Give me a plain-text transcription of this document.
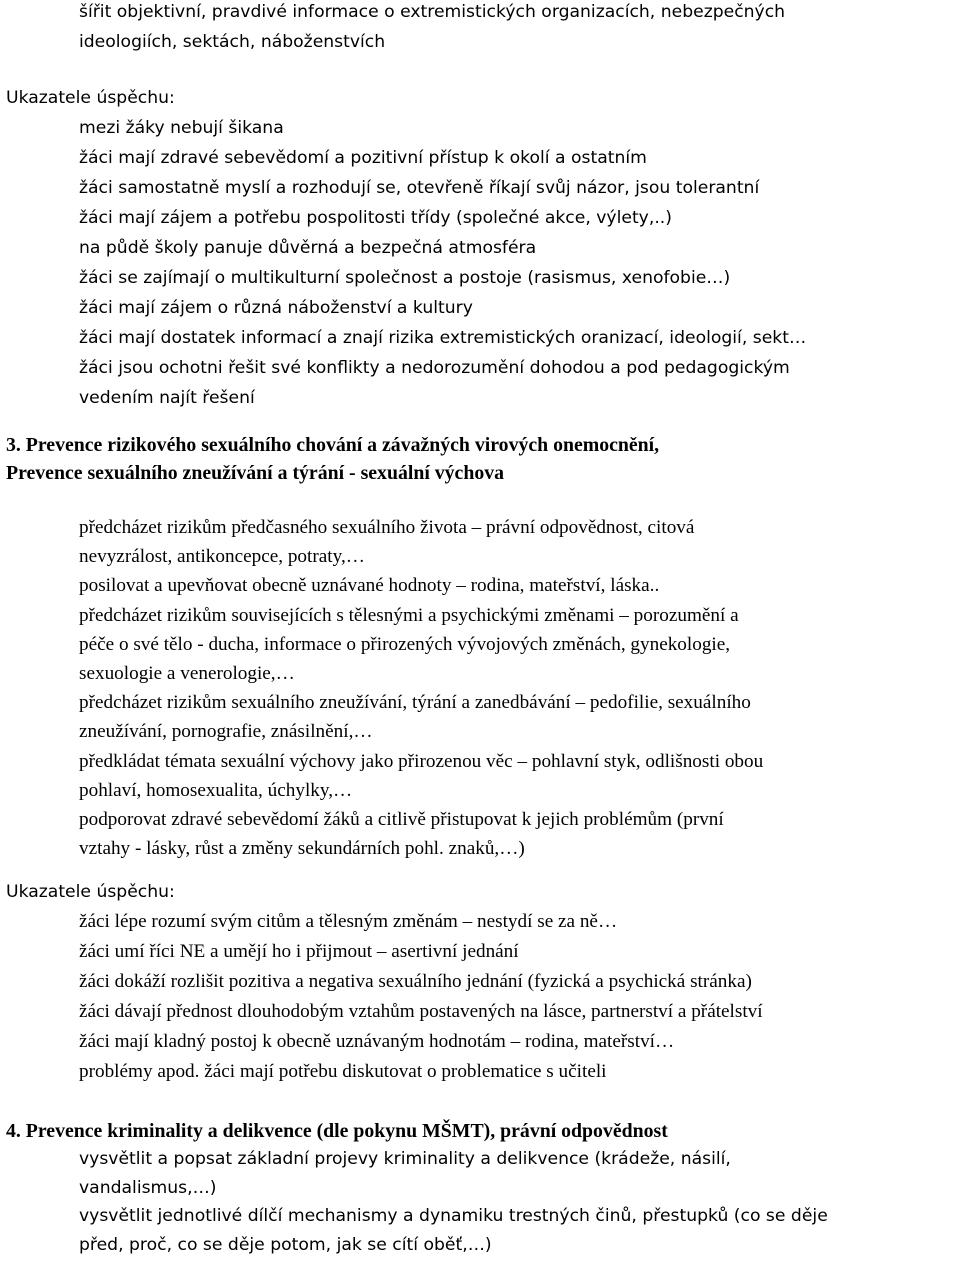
šířit objektivní, pravdivé informace o extremistických organizacích, nebezpečných
ideologiích, sektách, náboženstvích
Ukazatele úspěchu:
mezi žáky nebují šikana
žáci mají zdravé sebevědomí a pozitivní přístup k okolí a ostatním
žáci samostatně myslí a rozhodují se, otevřeně říkají svůj názor, jsou tolerantní
žáci mají zájem a potřebu pospolitosti třídy (společné akce, výlety,..)
na půdě školy panuje důvěrná a bezpečná atmosféra
žáci se zajímají o multikulturní společnost a postoje (rasismus, xenofobie…)
žáci mají zájem o různá náboženství a kultury
žáci mají dostatek informací a znají rizika extremistických oranizací, ideologií, sekt…
žáci jsou ochotni řešit své konflikty a nedorozumění dohodou a pod pedagogickým
vedením najít řešení
3. Prevence rizikového sexuálního chování a závažných virových onemocnění,
Prevence sexuálního zneužívání a týrání - sexuální výchova
předcházet rizikům předčasného sexuálního života – právní odpovědnost, citová
nevyzrálost, antikoncepce, potraty,…
posilovat a upevňovat obecně uznávané hodnoty – rodina, mateřství, láska..
předcházet rizikům souvisejících s tělesnými a psychickými změnami – porozumění a
péče o své tělo - ducha, informace o přirozených vývojových změnách, gynekologie,
sexuologie a venerologie,…
předcházet rizikům sexuálního zneužívání, týrání a zanedbávání – pedofilie, sexuálního
zneužívání, pornografie, znásilnění,…
předkládat témata sexuální výchovy jako přirozenou věc – pohlavní styk, odlišnosti obou
pohlaví, homosexualita, úchylky,…
podporovat zdravé sebevědomí žáků a citlivě přistupovat k jejich problémům (první
vztahy - lásky, růst a změny sekundárních pohl. znaků,…)
Ukazatele úspěchu:
žáci lépe rozumí svým citům a tělesným změnám – nestydí se za ně…
žáci umí říci NE a umějí ho i přijmout – asertivní jednání
žáci dokáží rozlišit pozitiva a negativa sexuálního jednání (fyzická a psychická stránka)
žáci dávají přednost dlouhodobým vztahům postavených na lásce, partnerství a přátelství
žáci mají kladný postoj k obecně uznávaným hodnotám – rodina, mateřství…
problémy apod. žáci mají potřebu diskutovat o problematice s učiteli
4. Prevence kriminality a delikvence (dle pokynu MŠMT), právní odpovědnost
vysvětlit a popsat základní projevy kriminality a delikvence (krádeže, násilí,
vandalismus,…)
vysvětlit jednotlivé dílčí mechanismy a dynamiku trestných činů, přestupků (co se děje
před, proč, co se děje potom, jak se cítí oběť,…)
